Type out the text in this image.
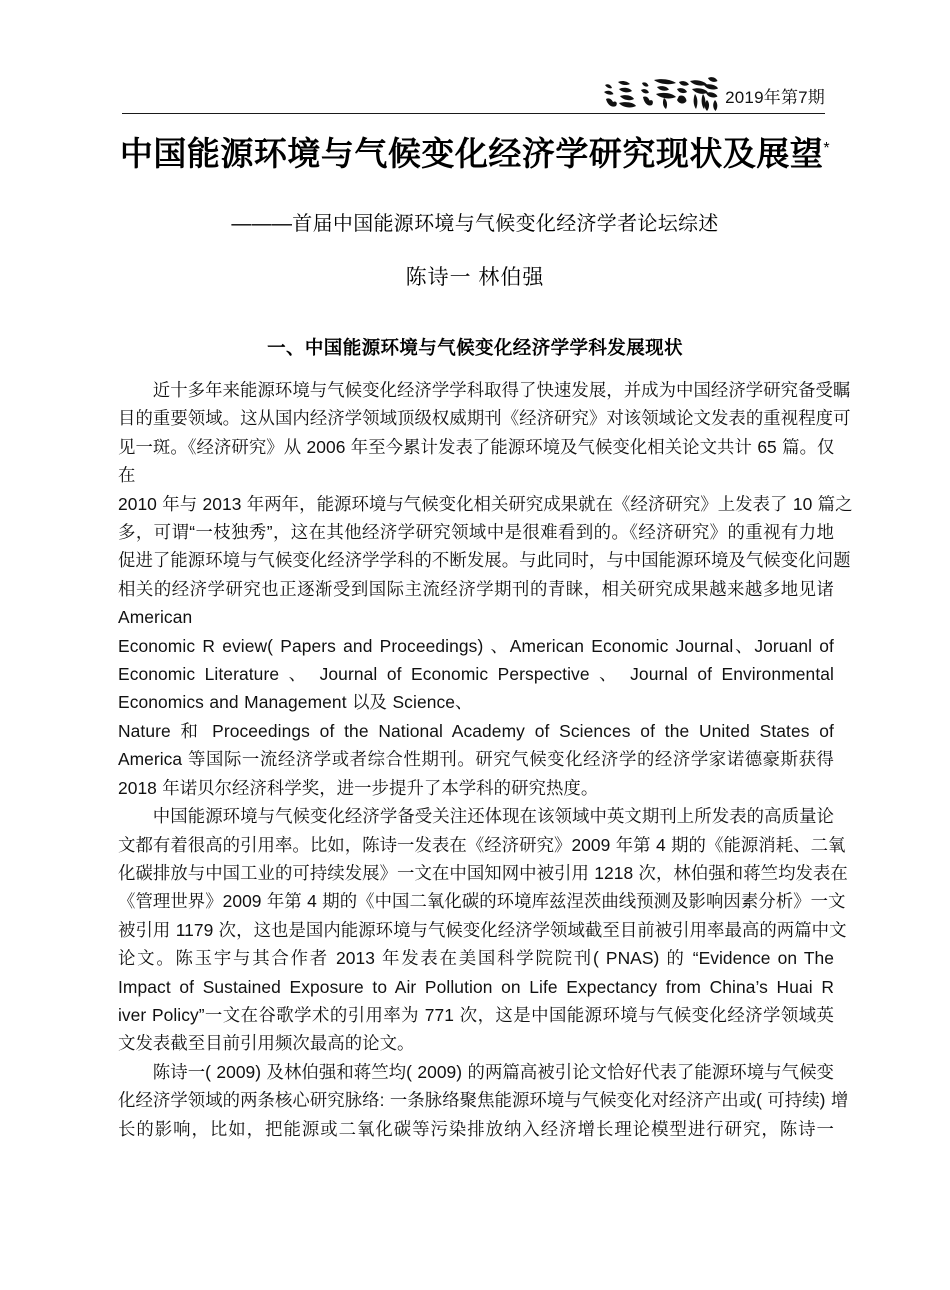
2019年第7期
中国能源环境与气候变化经济学研究现状及展望*
———首届中国能源环境与气候变化经济学者论坛综述
陈诗一 林伯强
一、中国能源环境与气候变化经济学学科发展现状

近十多年来能源环境与气候变化经济学学科取得了快速发展，并成为中国经济学研究备受瞩
目的重要领域。这从国内经济学领域顶级权威期刊《经济研究》对该领域论文发表的重视程度可
见一斑。《经济研究》从 2006 年至今累计发表了能源环境及气候变化相关论文共计 65 篇。仅
在
2010 年与 2013 年两年，能源环境与气候变化相关研究成果就在《经济研究》上发表了 10 篇之
多，可谓“一枝独秀”，这在其他经济学研究领域中是很难看到的。《经济研究》的重视有力地
促进了能源环境与气候变化经济学学科的不断发展。与此同时，与中国能源环境及气候变化问题
相关的经济学研究也正逐渐受到国际主流经济学期刊的青睐，相关研究成果越来越多地见诸
American
Economic R eview( Papers and Proceedings) 、American Economic Journal、Joruanl of
Economic Literature 、 Journal of Economic Perspective 、 Journal of Environmental
Economics and Management 以及 Science、
Nature 和 Proceedings of the National Academy of Sciences of the United States of
America 等国际一流经济学或者综合性期刊。研究气候变化经济学的经济学家诺德豪斯获得
2018 年诺贝尔经济科学奖，进一步提升了本学科的研究热度。

中国能源环境与气候变化经济学备受关注还体现在该领域中英文期刊上所发表的高质量论
文都有着很高的引用率。比如，陈诗一发表在《经济研究》2009 年第 4 期的《能源消耗、二氧
化碳排放与中国工业的可持续发展》一文在中国知网中被引用 1218 次，林伯强和蒋竺均发表在
《管理世界》2009 年第 4 期的《中国二氧化碳的环境库兹涅茨曲线预测及影响因素分析》一文
被引用 1179 次，这也是国内能源环境与气候变化经济学领域截至目前被引用率最高的两篇中文
论文。陈玉宇与其合作者 2013 年发表在美国科学院院刊( PNAS) 的 “Evidence on The
Impact of Sustained Exposure to Air Pollution on Life Expectancy from China’s Huai R
iver Policy”一文在谷歌学术的引用率为 771 次，这是中国能源环境与气候变化经济学领域英
文发表截至目前引用频次最高的论文。

陈诗一( 2009) 及林伯强和蒋竺均( 2009) 的两篇高被引论文恰好代表了能源环境与气候变
化经济学领域的两条核心研究脉络: 一条脉络聚焦能源环境与气候变化对经济产出或( 可持续) 增
长的影响，比如，把能源或二氧化碳等污染排放纳入经济增长理论模型进行研究，陈诗一
